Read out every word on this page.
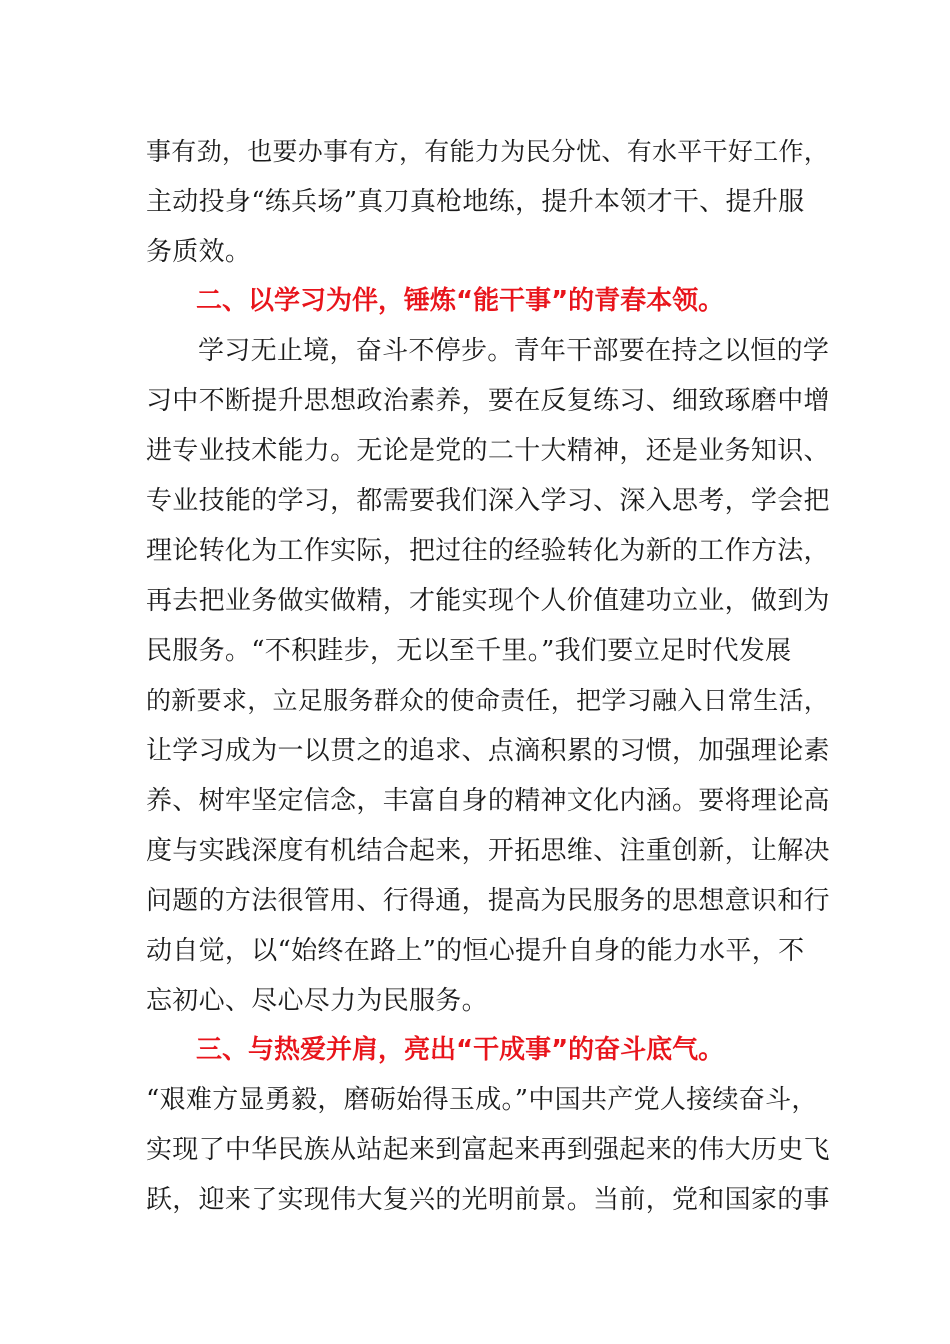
事有劲，也要办事有方，有能力为民分忧、有水平干好工作，
主动投身“练兵场”真刀真枪地练，提升本领才干、提升服
务质效。
二、以学习为伴，锤炼“能干事”的青春本领。
学习无止境，奋斗不停步。青年干部要在持之以恒的学
习中不断提升思想政治素养，要在反复练习、细致琢磨中增
进专业技术能力。无论是党的二十大精神，还是业务知识、
专业技能的学习，都需要我们深入学习、深入思考，学会把
理论转化为工作实际，把过往的经验转化为新的工作方法，
再去把业务做实做精，才能实现个人价值建功立业，做到为
民服务。“不积跬步，无以至千里。”我们要立足时代发展
的新要求，立足服务群众的使命责任，把学习融入日常生活，
让学习成为一以贯之的追求、点滴积累的习惯，加强理论素
养、树牢坚定信念，丰富自身的精神文化内涵。要将理论高
度与实践深度有机结合起来，开拓思维、注重创新，让解决
问题的方法很管用、行得通，提高为民服务的思想意识和行
动自觉，以“始终在路上”的恒心提升自身的能力水平，不
忘初心、尽心尽力为民服务。
三、与热爱并肩，亮出“干成事”的奋斗底气。
“艰难方显勇毅，磨砺始得玉成。”中国共产党人接续奋斗，
实现了中华民族从站起来到富起来再到强起来的伟大历史飞
跃，迎来了实现伟大复兴的光明前景。当前，党和国家的事
